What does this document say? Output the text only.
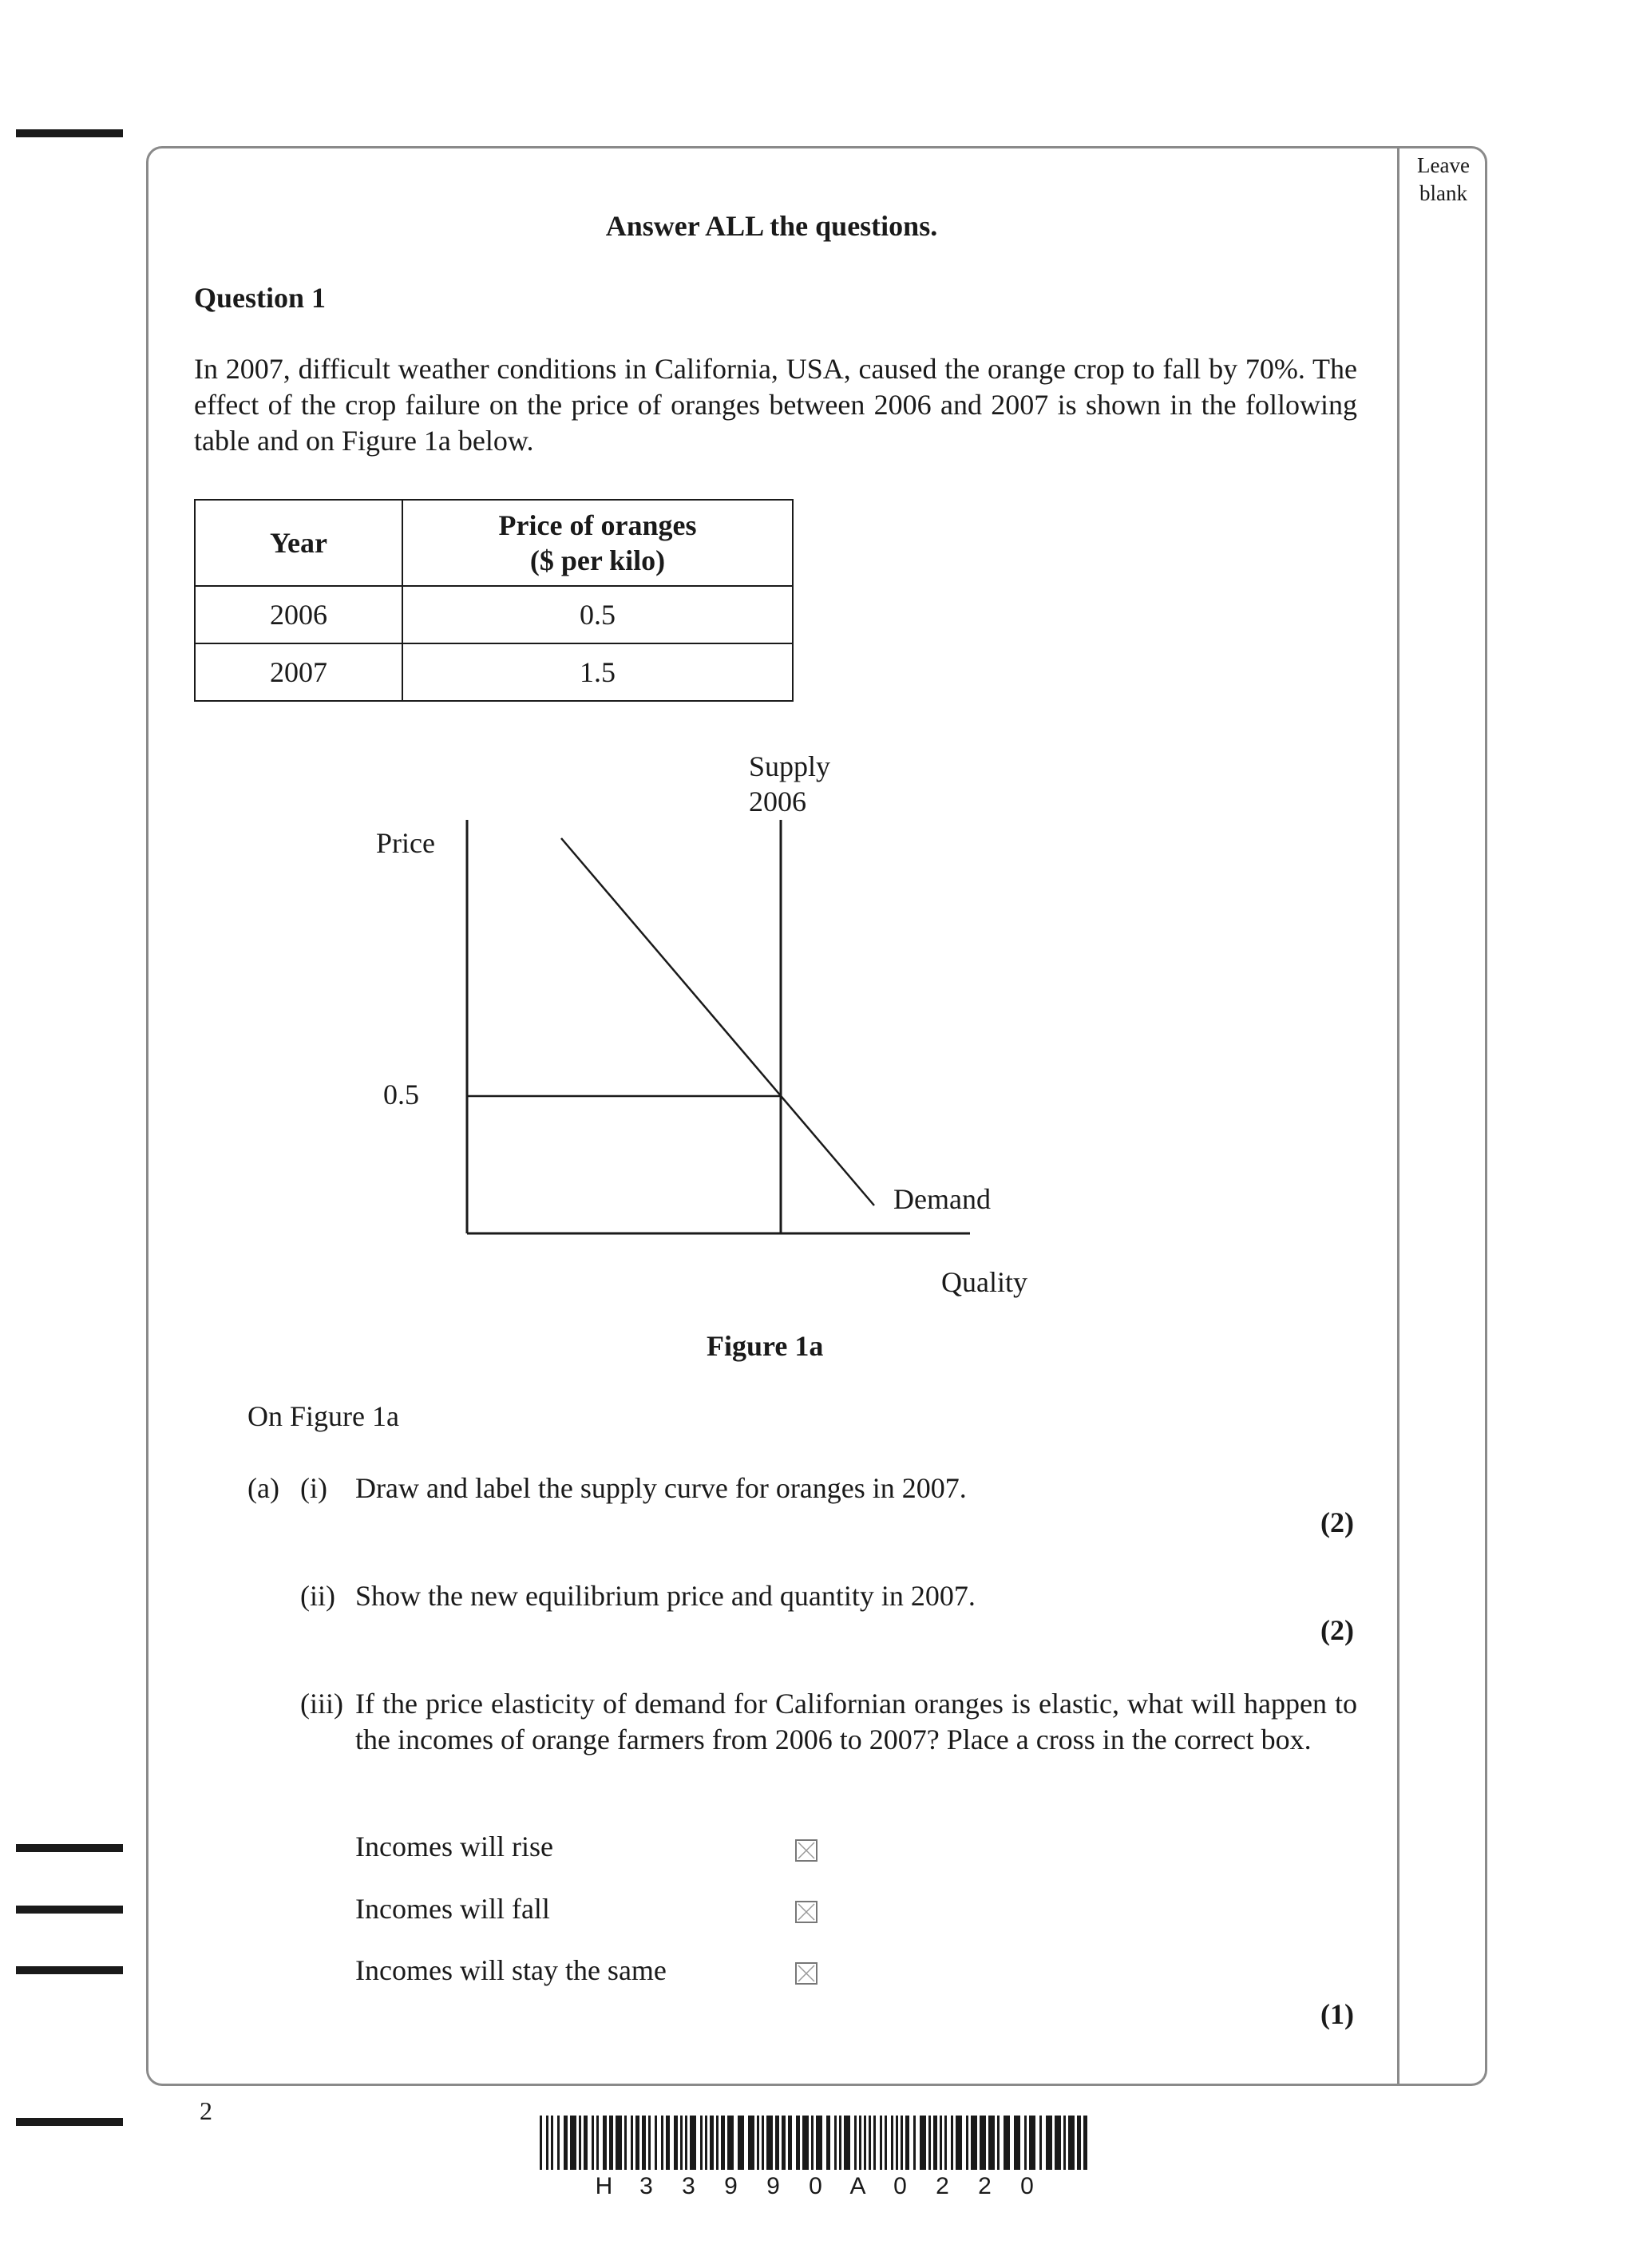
Leave blank
Answer ALL the questions.
Question 1
In 2007, difficult weather conditions in California, USA, caused the orange crop to fall by 70%. The effect of the crop failure on the price of oranges between 2006 and 2007 is shown in the following table and on Figure 1a below.
Year	Price of oranges
($ per kilo)
2006	0.5
2007	1.5
Supply
2006
Price
0.5
Demand
Quality
Figure 1a
On Figure 1a
(a) (i) Draw and label the supply curve for oranges in 2007.
(2)
(ii) Show the new equilibrium price and quantity in 2007.
(2)
(iii) If the price elasticity of demand for Californian oranges is elastic, what will happen to the incomes of orange farmers from 2006 to 2007? Place a cross in the correct box.
Incomes will rise
Incomes will fall
Incomes will stay the same
(1)
2
H 3 3 9 9 0 A 0 2 2 0
